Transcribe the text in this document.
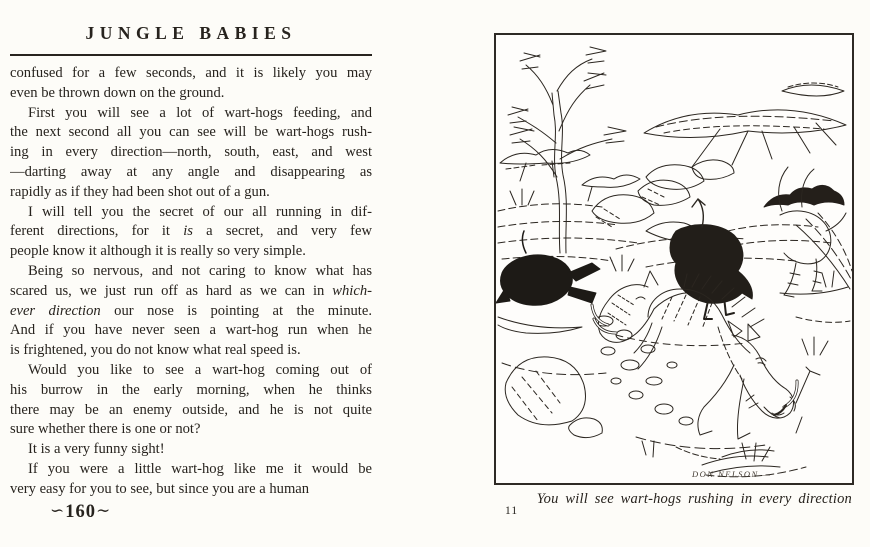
JUNGLE BABIES
confused for a few seconds, and it is likely you may
even be thrown down on the ground.
First you will see a lot of wart-hogs feeding, and
the next second all you can see will be wart-hogs rush-
ing in every direction—north, south, east, and west
—darting away at any angle and disappearing as
rapidly as if they had been shot out of a gun.
I will tell you the secret of our all running in dif-
ferent directions, for it is a secret, and very few
people know it although it is really so very simple.
Being so nervous, and not caring to know what has
scared us, we just run off as hard as we can in which-
ever direction our nose is pointing at the minute.
And if you have never seen a wart-hog run when he
is frightened, you do not know what real speed is.
Would you like to see a wart-hog coming out of
his burrow in the early morning, when he thinks
there may be an enemy outside, and he is not quite
sure whether there is one or not?
It is a very funny sight!
If you were a little wart-hog like me it would be
very easy for you to see, but since you are a human
∽160∼
DON NELSON —
You will see wart-hogs rushing in every direction
11
